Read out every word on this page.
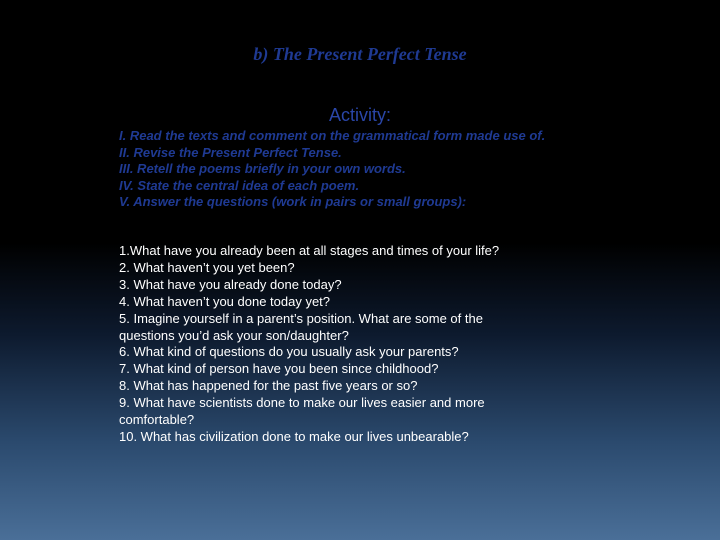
b) The Present Perfect Tense
Activity:

I. Read the texts and comment on the grammatical form made use of.

II. Revise the Present Perfect Tense.

III. Retell the poems briefly in your own words.

IV. State the central idea of each poem.

V. Answer the questions (work in pairs or small groups):

1.What have you already been at all stages and times of your life?

2. What haven’t you yet been?

3. What have you already done today?

4. What haven’t you done today yet?

5. Imagine yourself in a parent’s position. What are some of the questions you’d ask your son/daughter?

6. What kind of questions do you usually ask your parents?

7. What kind of person have you been since childhood?

8. What has happened for the past five years or so?

9. What have scientists done to make our lives easier and more comfortable?

10. What has civilization done to make our lives unbearable?
